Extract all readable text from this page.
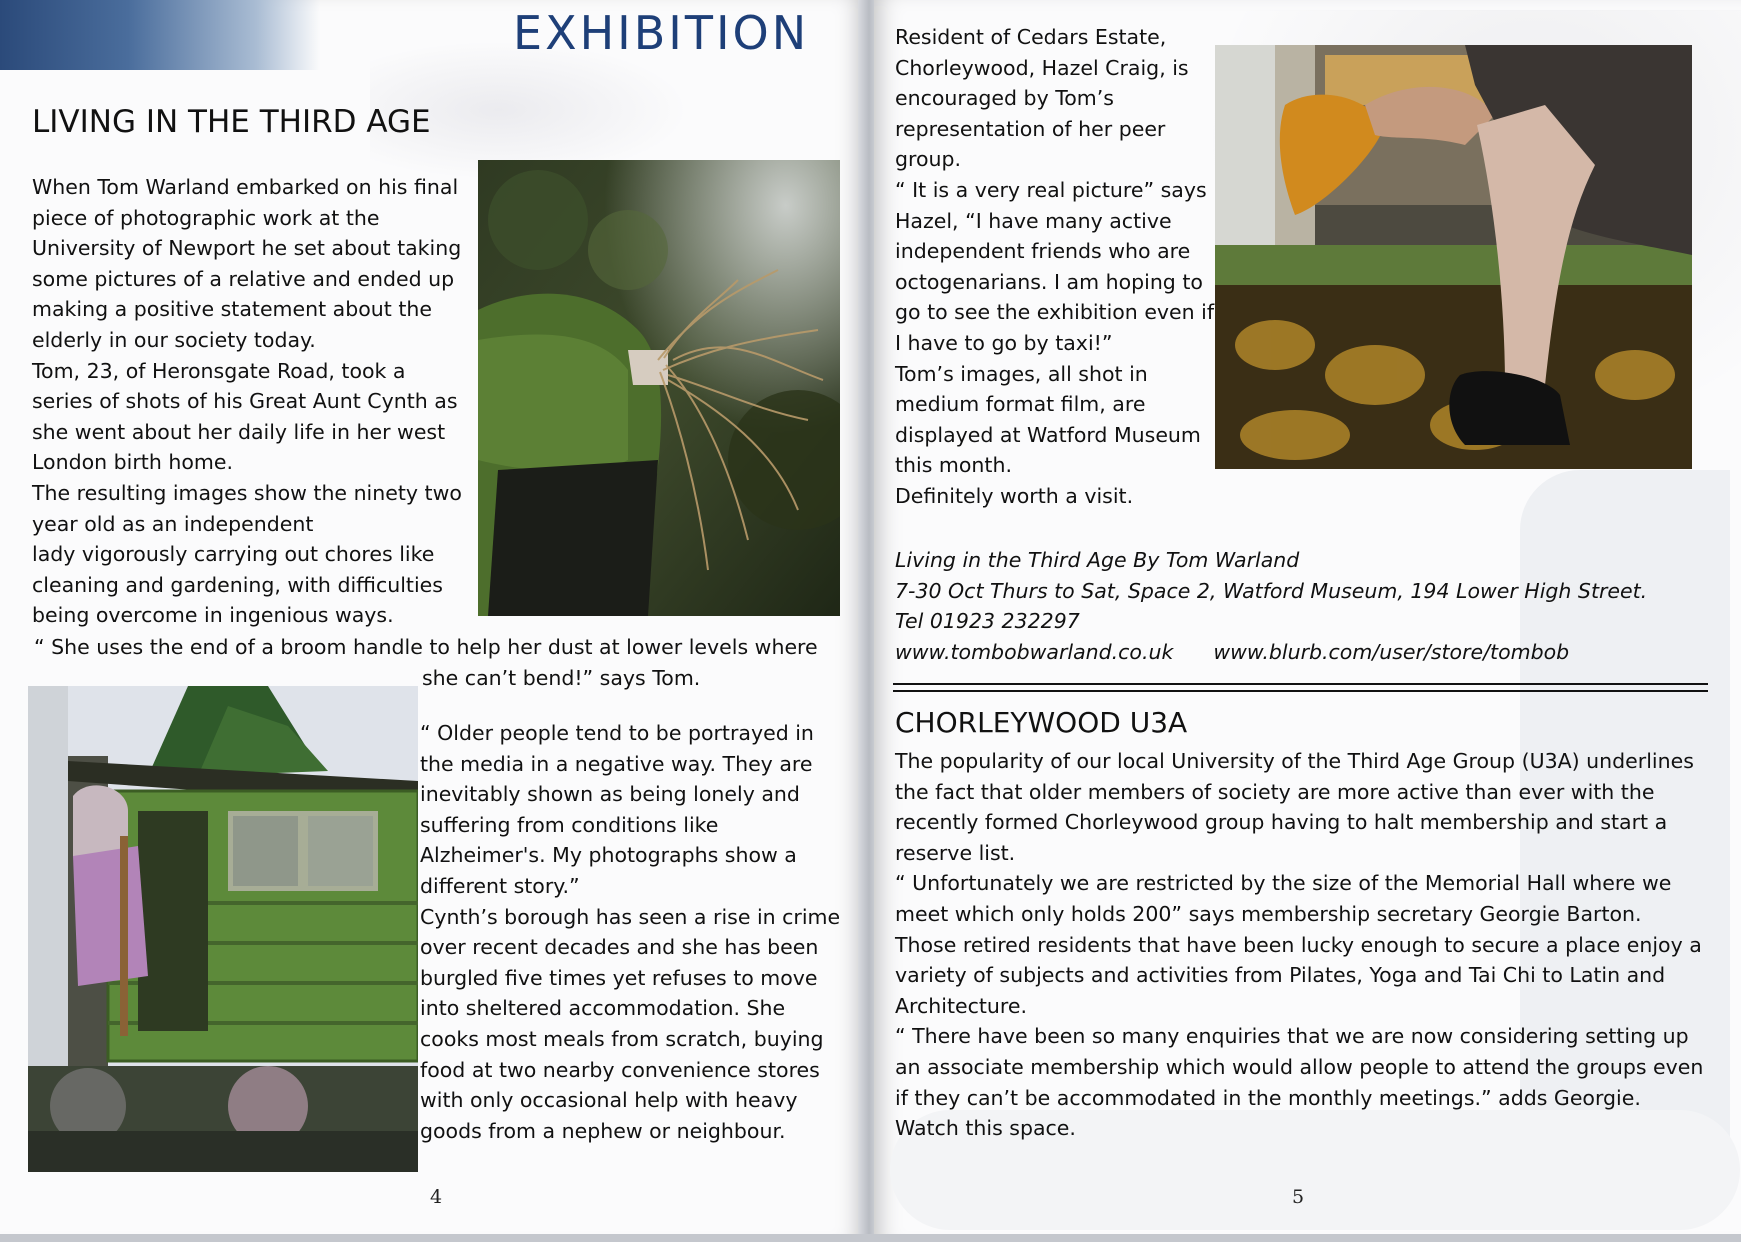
EXHIBITION
LIVING IN THE THIRD AGE

When Tom Warland embarked on his final

piece of photographic work at the

University of Newport he set about taking

some pictures of a relative and ended up

making a positive statement about the

elderly in our society today.

Tom, 23, of Heronsgate Road, took a

series of shots of his Great Aunt Cynth as

she went about her daily life in her west

London birth home.

The resulting images show the ninety two

year old as an independent

lady vigorously carrying out chores like

cleaning and gardening, with difficulties

being overcome in ingenious ways.

“ She uses the end of a broom handle to help her dust at lower levels where

she can’t bend!” says Tom.

“ Older people tend to be portrayed in

the media in a negative way. They are

inevitably shown as being lonely and

suffering from conditions like

Alzheimer's. My photographs show a

different story.”

Cynth’s borough has seen a rise in crime

over recent decades and she has been

burgled five times yet refuses to move

into sheltered accommodation. She

cooks most meals from scratch, buying

food at two nearby convenience stores

with only occasional help with heavy

goods from a nephew or neighbour.

4

Resident of Cedars Estate,

Chorleywood, Hazel Craig, is

encouraged by Tom’s

representation of her peer

group.

“ It is a very real picture” says

Hazel, “I have many active

independent friends who are

octogenarians. I am hoping to

go to see the exhibition even if

I have to go by taxi!”

Tom’s images, all shot in

medium format film, are

displayed at Watford Museum

this month.

Definitely worth a visit.

Living in the Third Age By Tom Warland

7-30 Oct Thurs to Sat, Space 2, Watford Museum, 194 Lower High Street.

Tel 01923 232297

www.tombobwarland.co.uk www.blurb.com/user/store/tombob

CHORLEYWOOD U3A

The popularity of our local University of the Third Age Group (U3A) underlines

the fact that older members of society are more active than ever with the

recently formed Chorleywood group having to halt membership and start a

reserve list.

“ Unfortunately we are restricted by the size of the Memorial Hall where we

meet which only holds 200” says membership secretary Georgie Barton.

Those retired residents that have been lucky enough to secure a place enjoy a

variety of subjects and activities from Pilates, Yoga and Tai Chi to Latin and

Architecture.

“ There have been so many enquiries that we are now considering setting up

an associate membership which would allow people to attend the groups even

if they can’t be accommodated in the monthly meetings.” adds Georgie.

Watch this space.

5
